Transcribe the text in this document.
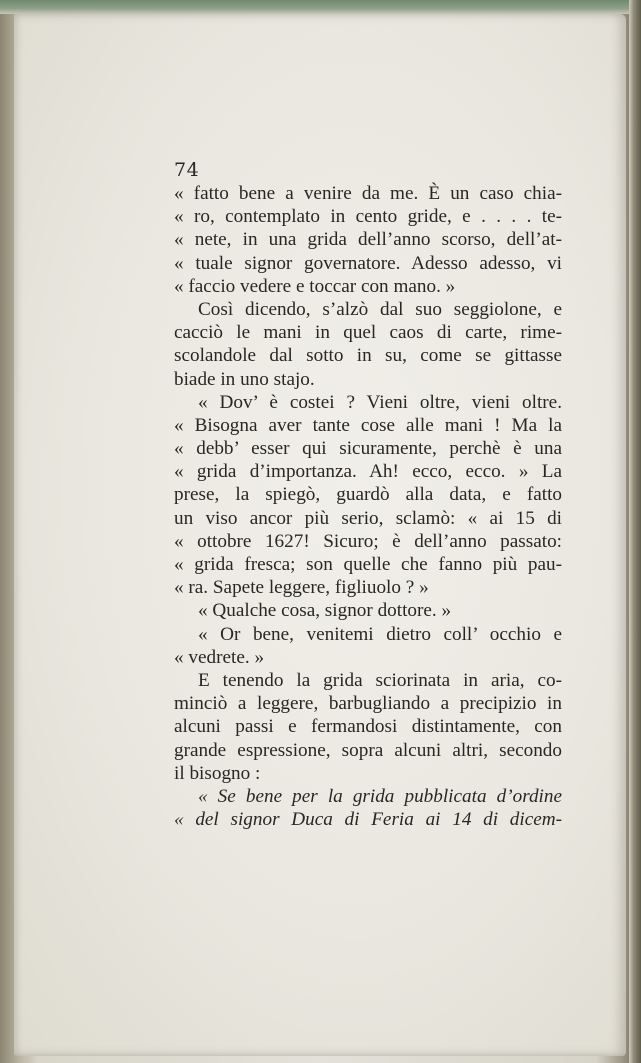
74
« fatto bene a venire da me. È un caso chia-
« ro, contemplato in cento gride, e . . . . te-
« nete, in una grida dell’anno scorso, dell’at-
« tuale signor governatore. Adesso adesso, vi
« faccio vedere e toccar con mano. »
Così dicendo, s’alzò dal suo seggiolone, e
cacciò le mani in quel caos di carte, rime-
scolandole dal sotto in su, come se gittasse
biade in uno stajo.
« Dov’ è costei ? Vieni oltre, vieni oltre.
« Bisogna aver tante cose alle mani ! Ma la
« debb’ esser qui sicuramente, perchè è una
« grida d’importanza. Ah! ecco, ecco. » La
prese, la spiegò, guardò alla data, e fatto
un viso ancor più serio, sclamò: « ai 15 di
« ottobre 1627! Sicuro; è dell’anno passato:
« grida fresca; son quelle che fanno più pau-
« ra. Sapete leggere, figliuolo ? »
« Qualche cosa, signor dottore. »
« Or bene, venitemi dietro coll’ occhio e
« vedrete. »
E tenendo la grida sciorinata in aria, co-
minciò a leggere, barbugliando a precipizio in
alcuni passi e fermandosi distintamente, con
grande espressione, sopra alcuni altri, secondo
il bisogno :
« Se bene per la grida pubblicata d’ordine
« del signor Duca di Feria ai 14 di dicem-
